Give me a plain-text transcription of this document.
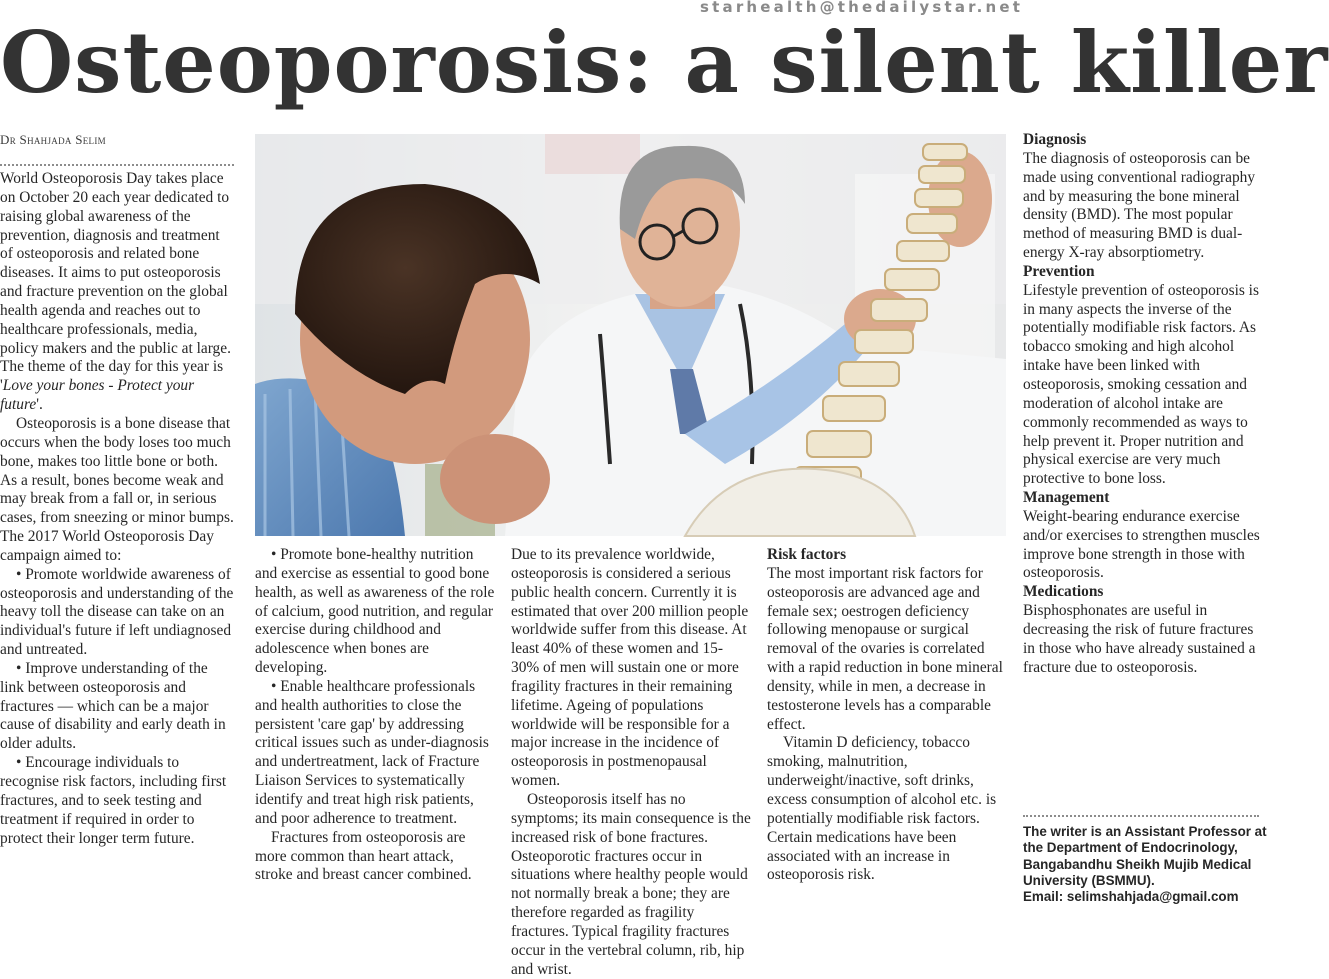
starhealth@thedailystar.net
Osteoporosis: a silent killer
Dr Shahjada Selim

World Osteoporosis Day takes place on October 20 each year dedicated to raising global awareness of the prevention, diagnosis and treatment of osteoporosis and related bone diseases. It aims to put osteoporosis and fracture prevention on the global health agenda and reaches out to healthcare professionals, media, policy makers and the public at large. The theme of the day for this year is 'Love your bones - Protect your future'.

Osteoporosis is a bone disease that occurs when the body loses too much bone, makes too little bone or both. As a result, bones become weak and may break from a fall or, in serious cases, from sneezing or minor bumps.

The 2017 World Osteoporosis Day campaign aimed to:

• Promote worldwide awareness of osteoporosis and understanding of the heavy toll the disease can take on an individual's future if left undiagnosed and untreated.

• Improve understanding of the link between osteoporosis and fractures — which can be a major cause of disability and early death in older adults.

• Encourage individuals to recognise risk factors, including first fractures, and to seek testing and treatment if required in order to protect their longer term future.

• Promote bone-healthy nutrition and exercise as essential to good bone health, as well as awareness of the role of calcium, good nutrition, and regular exercise during childhood and adolescence when bones are developing.

• Enable healthcare professionals and health authorities to close the persistent 'care gap' by addressing critical issues such as under-diagnosis and undertreatment, lack of Fracture Liaison Services to systematically identify and treat high risk patients, and poor adherence to treatment.

Fractures from osteoporosis are more common than heart attack, stroke and breast cancer combined.

Due to its prevalence worldwide, osteoporosis is considered a serious public health concern. Currently it is estimated that over 200 million people worldwide suffer from this disease. At least 40% of these women and 15-30% of men will sustain one or more fragility fractures in their remaining lifetime. Ageing of populations worldwide will be responsible for a major increase in the incidence of osteoporosis in postmenopausal women.

Osteoporosis itself has no symptoms; its main consequence is the increased risk of bone fractures. Osteoporotic fractures occur in situations where healthy people would not normally break a bone; they are therefore regarded as fragility fractures. Typical fragility fractures occur in the vertebral column, rib, hip and wrist.

Risk factors

The most important risk factors for osteoporosis are advanced age and female sex; oestrogen deficiency following menopause or surgical removal of the ovaries is correlated with a rapid reduction in bone mineral density, while in men, a decrease in testosterone levels has a comparable effect.

Vitamin D deficiency, tobacco smoking, malnutrition, underweight/inactive, soft drinks, excess consumption of alcohol etc. is potentially modifiable risk factors. Certain medications have been associated with an increase in osteoporosis risk.

Diagnosis

The diagnosis of osteoporosis can be made using conventional radiography and by measuring the bone mineral density (BMD). The most popular method of measuring BMD is dual-energy X-ray absorptiometry.

Prevention

Lifestyle prevention of osteoporosis is in many aspects the inverse of the potentially modifiable risk factors. As tobacco smoking and high alcohol intake have been linked with osteoporosis, smoking cessation and moderation of alcohol intake are commonly recommended as ways to help prevent it. Proper nutrition and physical exercise are very much protective to bone loss.

Management

Weight-bearing endurance exercise and/or exercises to strengthen muscles improve bone strength in those with osteoporosis.

Medications

Bisphosphonates are useful in decreasing the risk of future fractures in those who have already sustained a fracture due to osteoporosis.

The writer is an Assistant Professor at the Department of Endocrinology, Bangabandhu Sheikh Mujib Medical University (BSMMU).
Email: selimshahjada@gmail.com
